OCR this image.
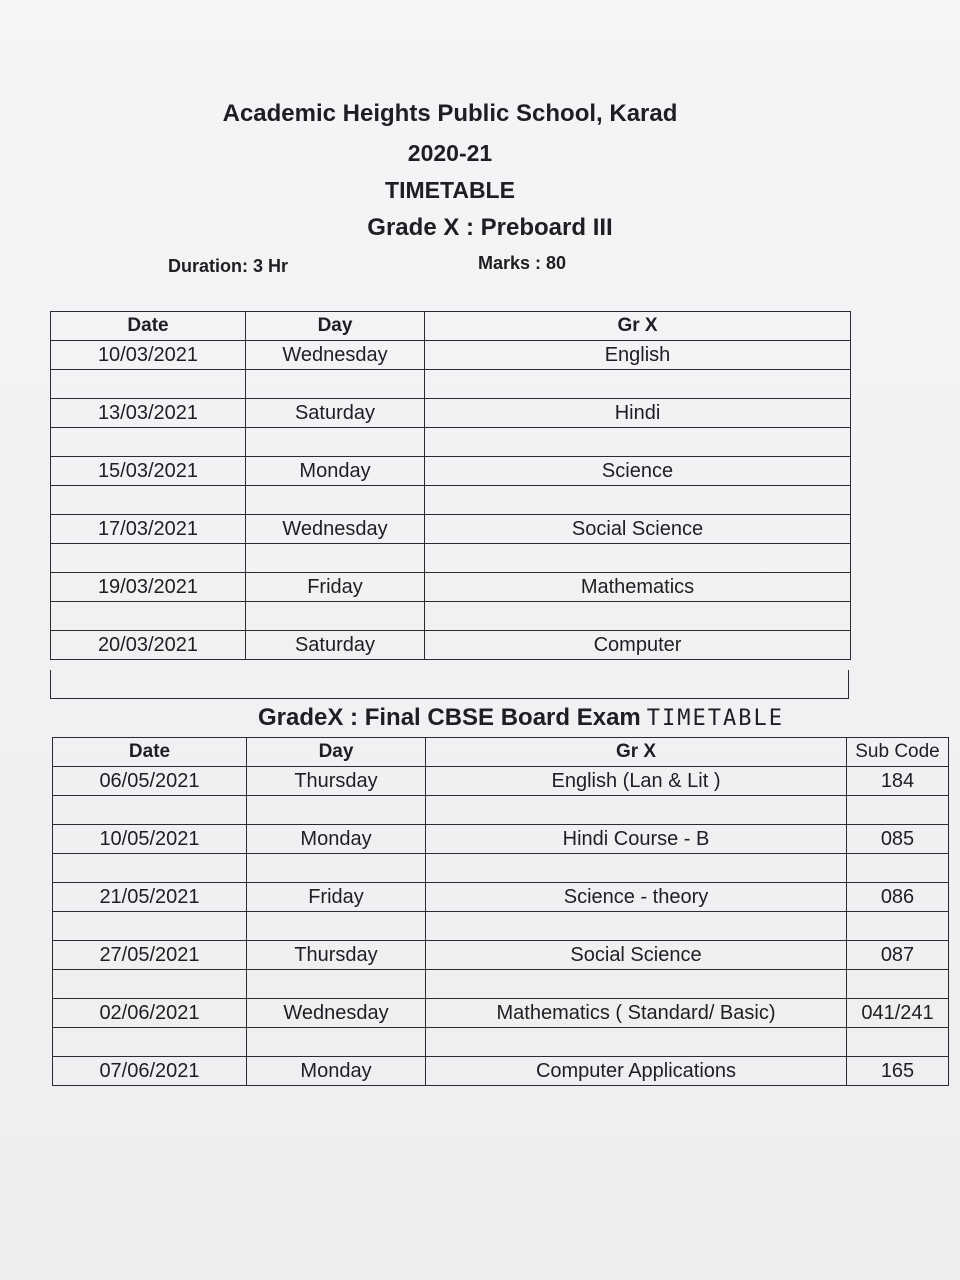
Academic Heights Public School, Karad
2020-21
TIMETABLE
Grade X : Preboard III
Duration: 3 Hr	Marks : 80
Date	Day	Gr X
10/03/2021	Wednesday	English

13/03/2021	Saturday	Hindi

15/03/2021	Monday	Science

17/03/2021	Wednesday	Social Science

19/03/2021	Friday	Mathematics

20/03/2021	Saturday	Computer
GradeX : Final CBSE Board Exam TIMETABLE
Date	Day	Gr X	Sub Code
06/05/2021	Thursday	English (Lan & Lit )	184

10/05/2021	Monday	Hindi Course - B	085

21/05/2021	Friday	Science - theory	086

27/05/2021	Thursday	Social Science	087

02/06/2021	Wednesday	Mathematics ( Standard/ Basic)	041/241

07/06/2021	Monday	Computer Applications	165
